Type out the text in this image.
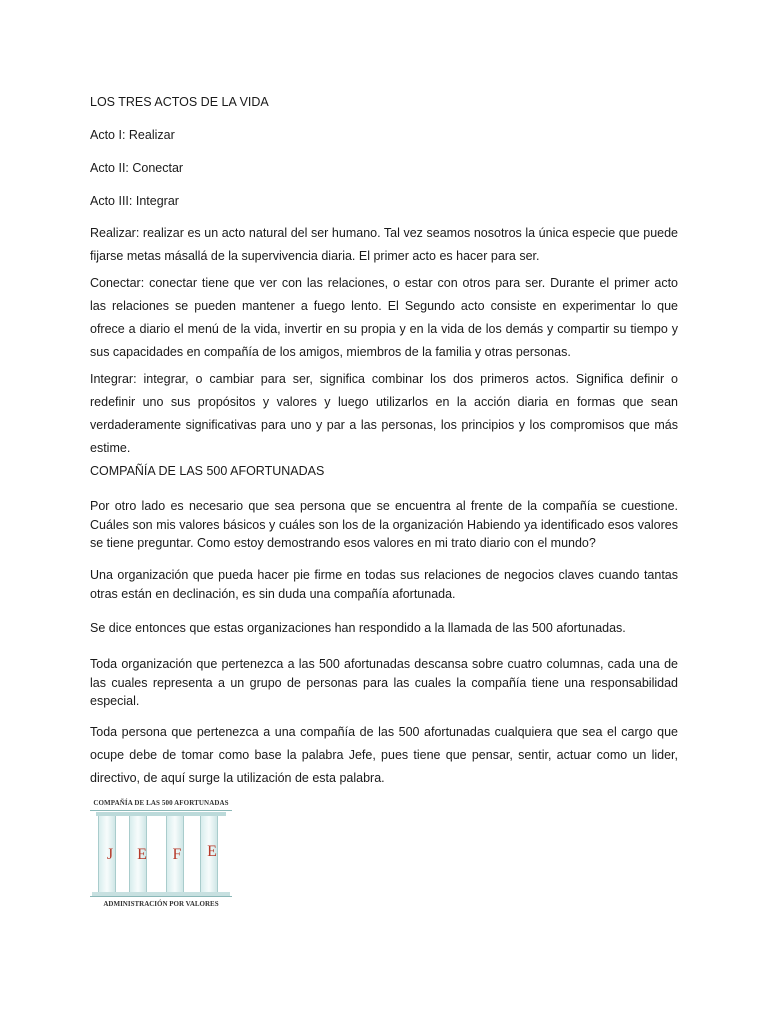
LOS TRES ACTOS DE LA VIDA
Acto I: Realizar
Acto II: Conectar
Acto III: Integrar
Realizar: realizar es un acto natural del ser humano. Tal vez seamos nosotros la única especie que puede
fijarse metas másallá de la supervivencia diaria. El primer acto es hacer para ser.
Conectar: conectar tiene que ver con las relaciones, o estar con otros para ser. Durante el primer acto
las relaciones se pueden mantener a fuego lento. El Segundo acto consiste en experimentar lo que
ofrece a diario el menú de la vida, invertir en su propia y en la vida de los demás y compartir su tiempo y
sus capacidades en compañía de los amigos, miembros de la familia y otras personas.
Integrar: integrar, o cambiar para ser, significa combinar los dos primeros actos. Significa definir o
redefinir uno sus propósitos y valores y luego utilizarlos en la acción diaria en formas que sean
verdaderamente significativas para uno y par a las personas, los principios y los compromisos que más
estime.
COMPAÑÍA DE LAS 500 AFORTUNADAS
Por otro lado es necesario que sea persona que se encuentra al frente de la compañía se cuestione.
Cuáles son mis valores básicos y cuáles son los de la organización Habiendo ya identificado esos valores
se tiene preguntar. Como estoy demostrando esos valores en mi trato diario con el mundo?
Una organización que pueda hacer pie firme en todas sus relaciones de negocios claves cuando tantas
otras están en declinación, es sin duda una compañía afortunada.
Se dice entonces que estas organizaciones han respondido a la llamada de las 500 afortunadas.
Toda organización que pertenezca a las 500 afortunadas descansa sobre cuatro columnas, cada una de
las cuales representa a un grupo de personas para las cuales la compañía tiene una responsabilidad
especial.
Toda persona que pertenezca a una compañía de las 500 afortunadas cualquiera que sea el cargo que
ocupe debe de tomar como base la palabra Jefe, pues tiene que pensar, sentir, actuar como un lider,
directivo, de aquí surge la utilización de esta palabra.
COMPAÑÍA DE LAS 500 AFORTUNADAS
J	E F E
ADMINISTRACIÓN POR VALORES
